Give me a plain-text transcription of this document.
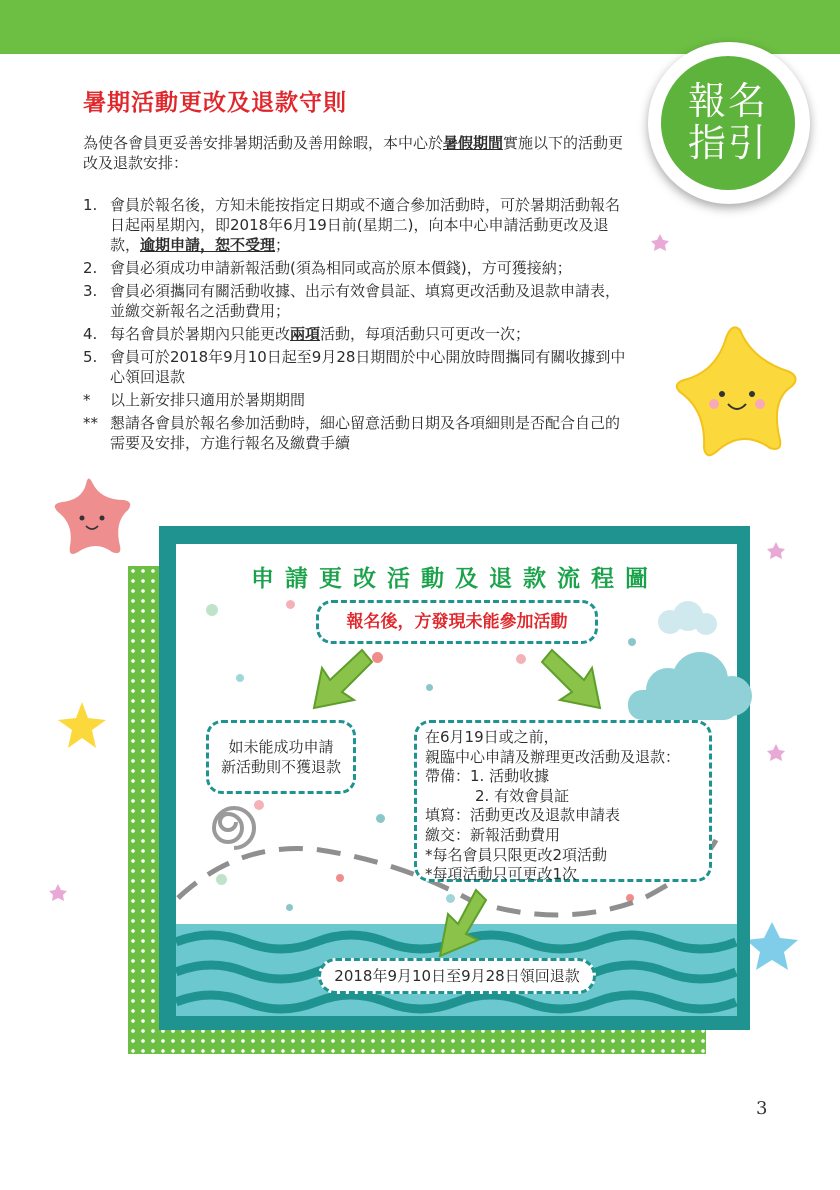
報名
指引
暑期活動更改及退款守則
為使各會員更妥善安排暑期活動及善用餘暇，本中心於暑假期間實施以下的活動更改及退款安排：
1. 會員於報名後，方知未能按指定日期或不適合參加活動時，可於暑期活動報名日起兩星期內，即2018年6月19日前(星期二)，向本中心申請活動更改及退款，逾期申請，恕不受理；
2. 會員必須成功申請新報活動(須為相同或高於原本價錢)，方可獲接納；
3. 會員必須攜同有關活動收據、出示有效會員証、填寫更改活動及退款申請表，並繳交新報名之活動費用；
4. 每名會員於暑期內只能更改兩項活動，每項活動只可更改一次；
5. 會員可於2018年9月10日起至9月28日期間於中心開放時間攜同有關收據到中心領回退款
* 以上新安排只適用於暑期期間
** 懇請各會員於報名參加活動時，細心留意活動日期及各項細則是否配合自己的需要及安排，方進行報名及繳費手續
申請更改活動及退款流程圖
報名後，方發現未能參加活動
如未能成功申請
新活動則不獲退款
在6月19日或之前，
親臨中心申請及辦理更改活動及退款：
帶備：1. 活動收據
2. 有效會員証
填寫：活動更改及退款申請表
繳交：新報活動費用
*每名會員只限更改2項活動
*每項活動只可更改1次
2018年9月10日至9月28日領回退款
3
